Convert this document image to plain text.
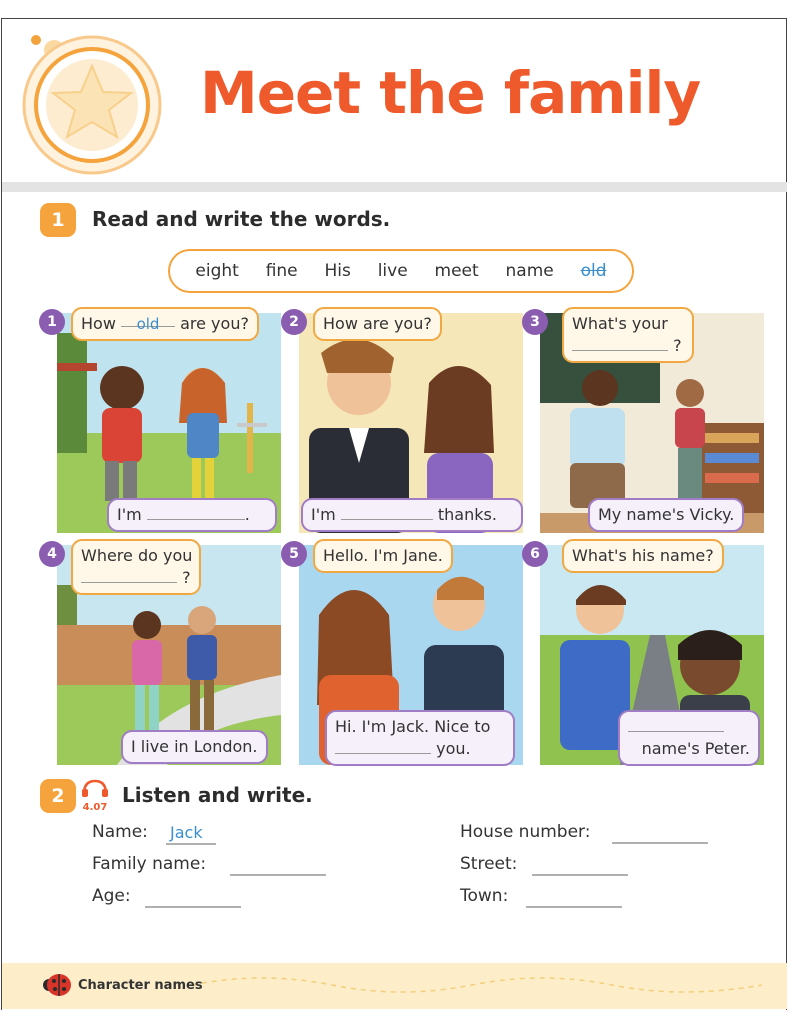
Meet the family
1	Read and write the words.
eight fine His live meet name old
1	How old are you?
I'm	.
2	How are you?
I'm	thanks.
3	What's your
?
My name's Vicky.
4	Where do you
?
I live in London.
5	Hello. I'm Jane.
Hi. I'm Jack. Nice to
you.
6	What's his name?
name's Peter.
2
4.07
Listen and write.
Name: Jack
Family name:
Age:
House number:
Street:
Town:
Character names
